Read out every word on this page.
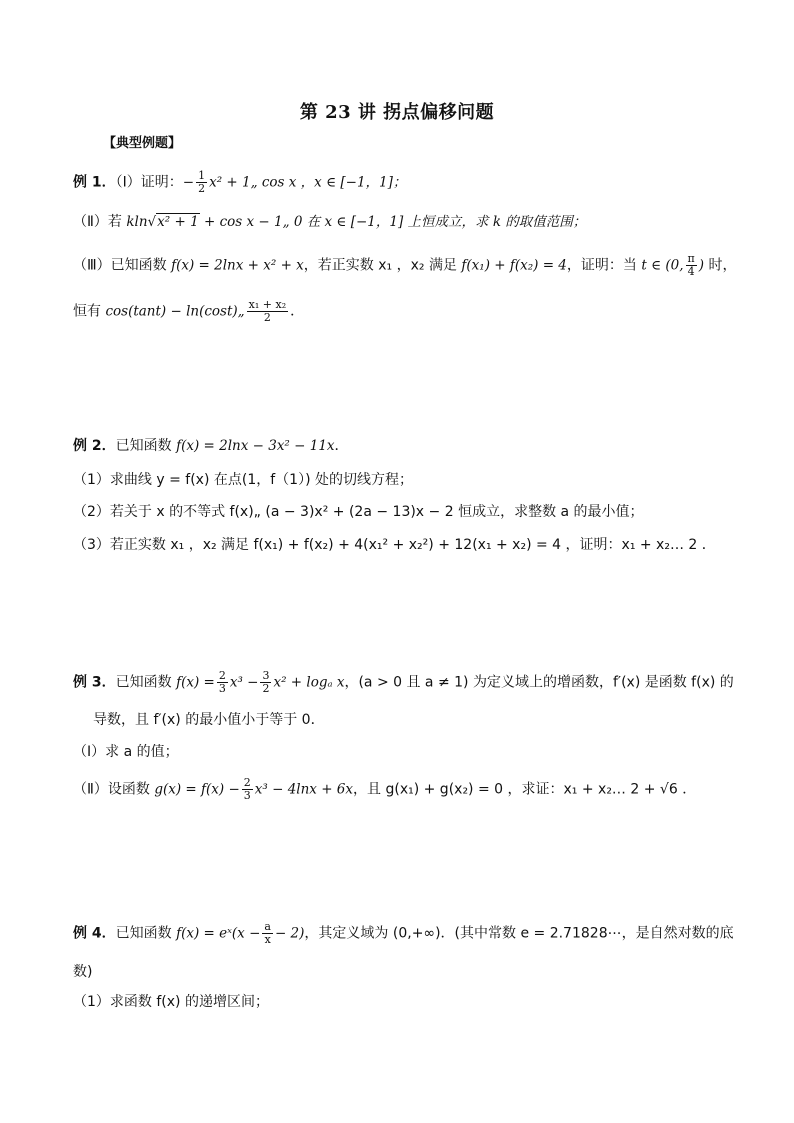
第 23 讲 拐点偏移问题
【典型例题】
例 1．（Ⅰ）证明：− $\frac{1}{2} x^2$ + 1„ cos x ，x ∈ [−1，1]；
（Ⅱ）若 kln√x² + 1 + cos x − 1„ 0 在 x ∈ [−1，1] 上恒成立，求 k 的取值范围；
（Ⅲ）已知函数 f(x) = 2lnx + x² + x，若正实数 x₁ ，x₂ 满足 f(x₁) + f(x₂) = 4，证明：当 t ∈ (0, $\frac{\pi}{4}$ ) 时，
恒有 cos(tant) − ln(cost)„ $\frac{\text{x₁ + x₂}}{2}$ ．
例 2．已知函数 f(x) = 2lnx − 3x² − 11x．
（1）求曲线 y = f(x) 在点(1，f（1）) 处的切线方程；
（2）若关于 x 的不等式 f(x)„ (a − 3)x² + (2a − 13)x − 2 恒成立，求整数 a 的最小值；
（3）若正实数 x₁ ，x₂ 满足 f(x₁) + f(x₂) + 4(x₁² + x₂²) + 12(x₁ + x₂) = 4 ，证明：x₁ + x₂… 2 ．
例 3．已知函数 $f(x) = \frac{2}{3} x^3 - \frac{3}{2} x^2 + \log_a$ x，(a > 0 且 a ≠ 1) 为定义域上的增函数，f′(x) 是函数 f(x) 的
导数，且 f′(x) 的最小值小于等于 0．
（Ⅰ）求 a 的值；
（Ⅱ）设函数 $g(x) = f(x) - \frac{2}{3} x^3 - 4\ln x + 6x$，且 g(x₁) + g(x₂) = 0 ，求证：x₁ + x₂… 2 + √6 ．
例 4．已知函数 f(x) = eˣ(x − $\frac{a}{x} - 2$)，其定义域为 (0,+∞)．(其中常数 e = 2.71828⋯，是自然对数的底
数)
（1）求函数 f(x) 的递增区间；
